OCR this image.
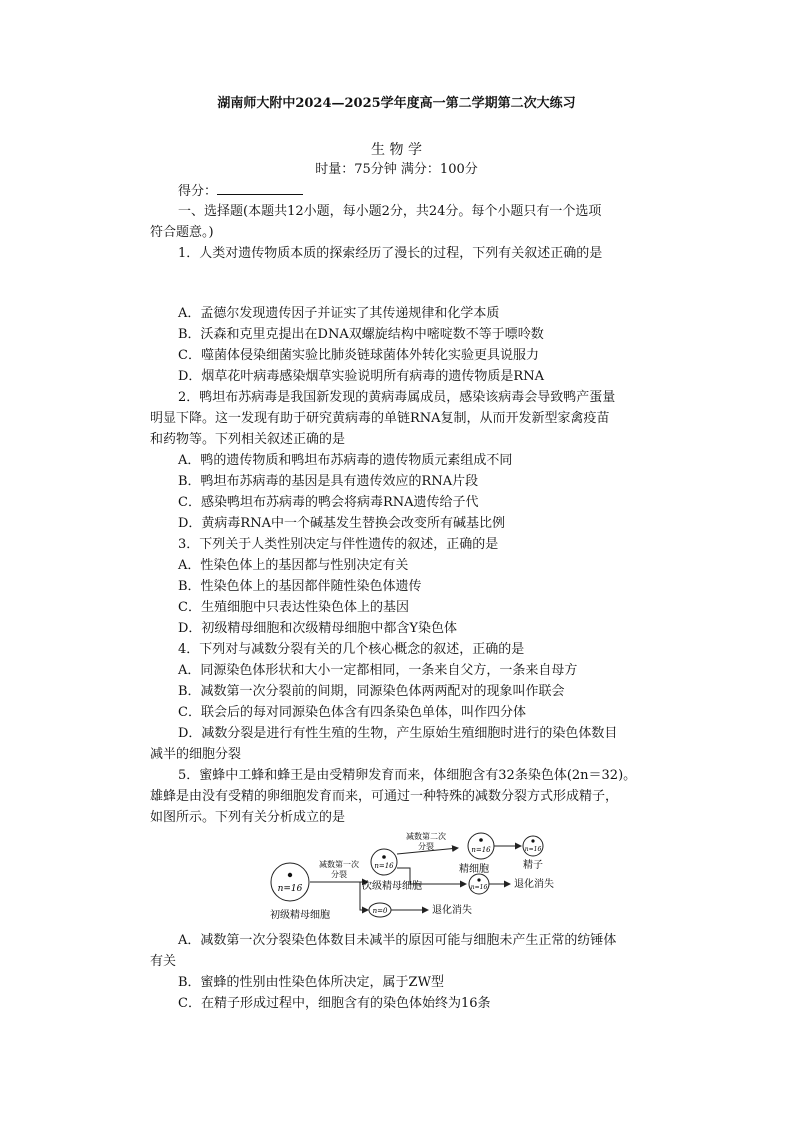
湖南师大附中2024—2025学年度高一第二学期第二次大练习
生 物 学
时量：75分钟 满分：100分
得分：
一、选择题(本题共12小题，每小题2分，共24分。每个小题只有一个选项
符合题意。)
1．人类对遗传物质本质的探索经历了漫长的过程，下列有关叙述正确的是
A．孟德尔发现遗传因子并证实了其传递规律和化学本质
B．沃森和克里克提出在DNA双螺旋结构中嘧啶数不等于嘌呤数
C．噬菌体侵染细菌实验比肺炎链球菌体外转化实验更具说服力
D．烟草花叶病毒感染烟草实验说明所有病毒的遗传物质是RNA
2．鸭坦布苏病毒是我国新发现的黄病毒属成员，感染该病毒会导致鸭产蛋量
明显下降。这一发现有助于研究黄病毒的单链RNA复制，从而开发新型家禽疫苗
和药物等。下列相关叙述正确的是
A．鸭的遗传物质和鸭坦布苏病毒的遗传物质元素组成不同
B．鸭坦布苏病毒的基因是具有遗传效应的RNA片段
C．感染鸭坦布苏病毒的鸭会将病毒RNA遗传给子代
D．黄病毒RNA中一个碱基发生替换会改变所有碱基比例
3．下列关于人类性别决定与伴性遗传的叙述，正确的是
A．性染色体上的基因都与性别决定有关
B．性染色体上的基因都伴随性染色体遗传
C．生殖细胞中只表达性染色体上的基因
D．初级精母细胞和次级精母细胞中都含Y染色体
4．下列对与减数分裂有关的几个核心概念的叙述，正确的是
A．同源染色体形状和大小一定都相同，一条来自父方，一条来自母方
B．减数第一次分裂前的间期，同源染色体两两配对的现象叫作联会
C．联会后的每对同源染色体含有四条染色单体，叫作四分体
D．减数分裂是进行有性生殖的生物，产生原始生殖细胞时进行的染色体数目
减半的细胞分裂
5．蜜蜂中工蜂和蜂王是由受精卵发育而来，体细胞含有32条染色体(2n＝32)。
雄蜂是由没有受精的卵细胞发育而来，可通过一种特殊的减数分裂方式形成精子，
如图所示。下列有关分析成立的是
n=16
初级精母细胞
减数第一次
分裂
n=16
次级精母细胞
n=0	退化消失
减数第二次
分裂	n=16
精细胞
n=16	退化消失
n=16
精子
A．减数第一次分裂染色体数目未减半的原因可能与细胞未产生正常的纺锤体
有关
B．蜜蜂的性别由性染色体所决定，属于ZW型
C．在精子形成过程中，细胞含有的染色体始终为16条
